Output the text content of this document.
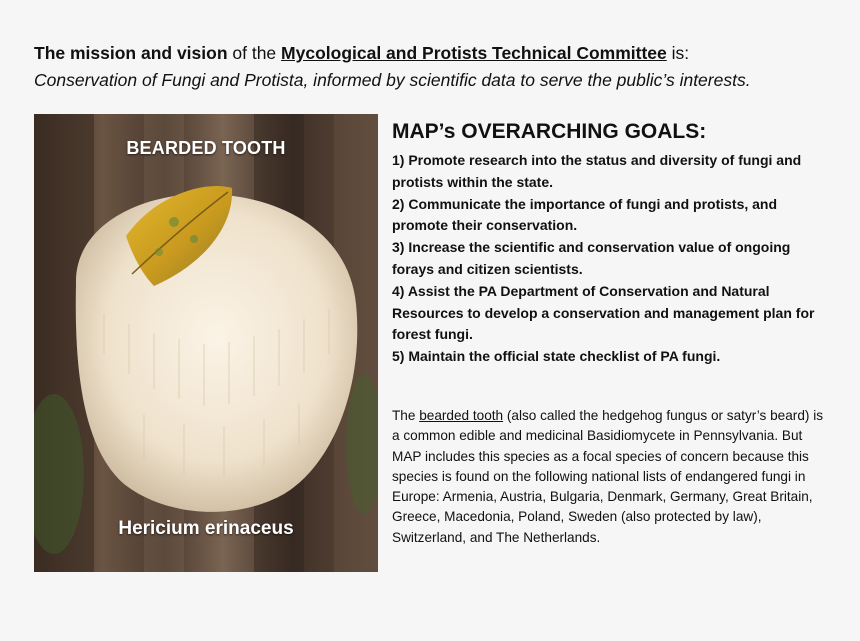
The mission and vision of the Mycological and Protists Technical Committee is:
Conservation of Fungi and Protista, informed by scientific data to serve the public’s interests.
BEARDED TOOTH
Hericium erinaceus
MAP’s OVERARCHING GOALS:
1) Promote research into the status and diversity of fungi and protists within the state.
2) Communicate the importance of fungi and protists, and promote their conservation.
3) Increase the scientific and conservation value of ongoing forays and citizen scientists.
4) Assist the PA Department of Conservation and Natural Resources to develop a conservation and management plan for forest fungi.
5) Maintain the official state checklist of PA fungi.
The bearded tooth (also called the hedgehog fungus or satyr’s beard) is a common edible and medicinal Basidiomycete in Pennsylvania. But MAP includes this species as a focal species of concern because this species is found on the following national lists of endangered fungi in Europe: Armenia, Austria, Bulgaria, Denmark, Germany, Great Britain, Greece, Macedonia, Poland, Sweden (also protected by law), Switzerland, and The Netherlands.
